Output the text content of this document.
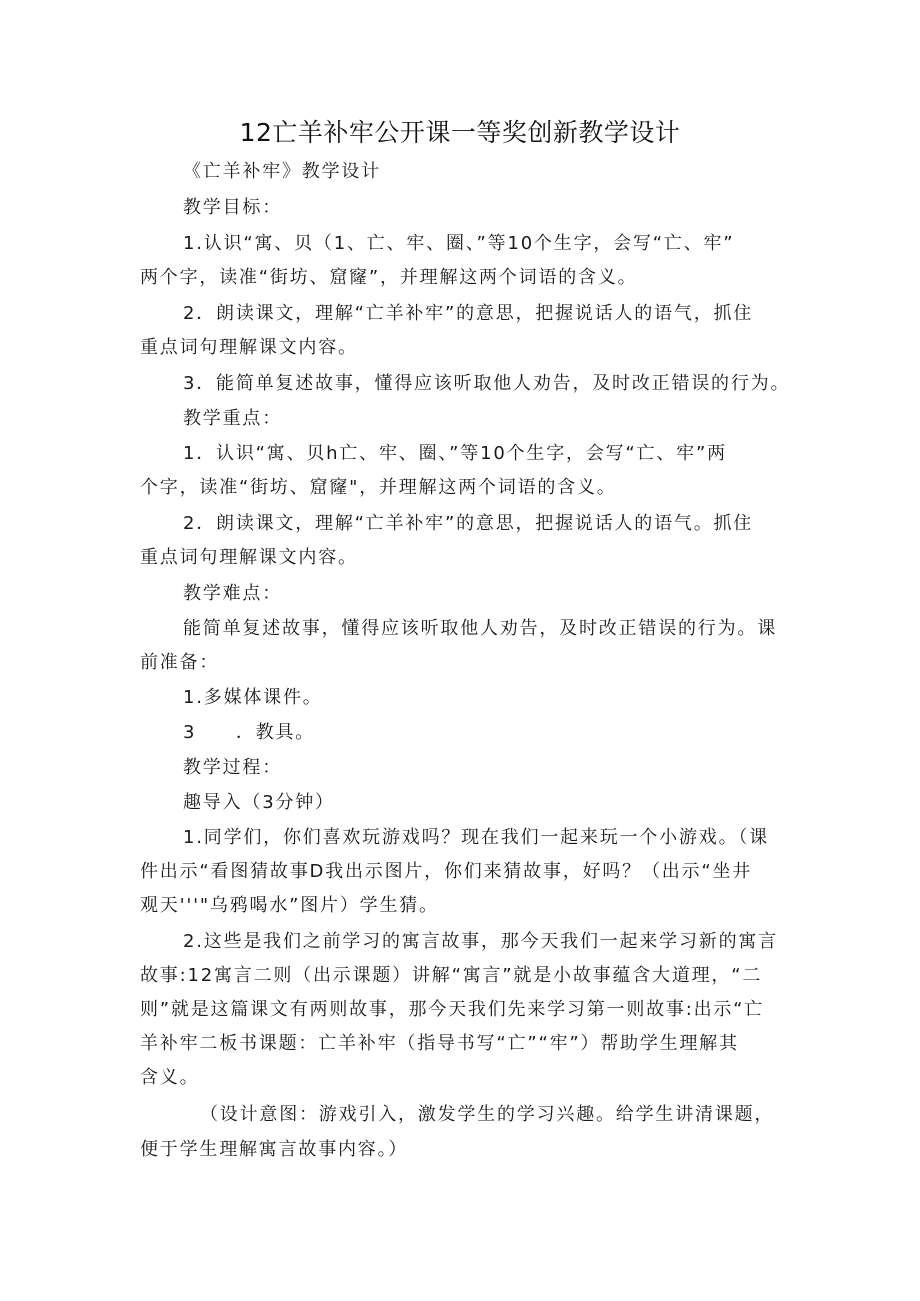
12亡羊补牢公开课一等奖创新教学设计
《亡羊补牢》教学设计
教学目标：
1.认识“寓、贝（1、亡、牢、圈、”等10个生字，会写“亡、牢”
两个字，读准“街坊、窟窿”，并理解这两个词语的含义。
2．朗读课文，理解“亡羊补牢”的意思，把握说话人的语气，抓住
重点词句理解课文内容。
3．能简单复述故事，懂得应该听取他人劝告，及时改正错误的行为。
教学重点：
1．认识“寓、贝h亡、牢、圈、”等10个生字，会写“亡、牢”两
个字，读准“街坊、窟窿"，并理解这两个词语的含义。
2．朗读课文，理解“亡羊补牢”的意思，把握说话人的语气。抓住
重点词句理解课文内容。
教学难点：
能简单复述故事，懂得应该听取他人劝告，及时改正错误的行为。课
前准备：
1.多媒体课件。
3　　．教具。
教学过程：
趣导入（3分钟）
1.同学们，你们喜欢玩游戏吗？现在我们一起来玩一个小游戏。（课
件出示“看图猜故事D我出示图片，你们来猜故事，好吗？（出示“坐井
观天'''"乌鸦喝水”图片）学生猜。
2.这些是我们之前学习的寓言故事，那今天我们一起来学习新的寓言
故事:12寓言二则（出示课题）讲解“寓言”就是小故事蕴含大道理，“二
则”就是这篇课文有两则故事，那今天我们先来学习第一则故事:出示“亡
羊补牢二板书课题：亡羊补牢（指导书写“亡”“牢”）帮助学生理解其
含义。
（设计意图：游戏引入，激发学生的学习兴趣。给学生讲清课题，
便于学生理解寓言故事内容。）
